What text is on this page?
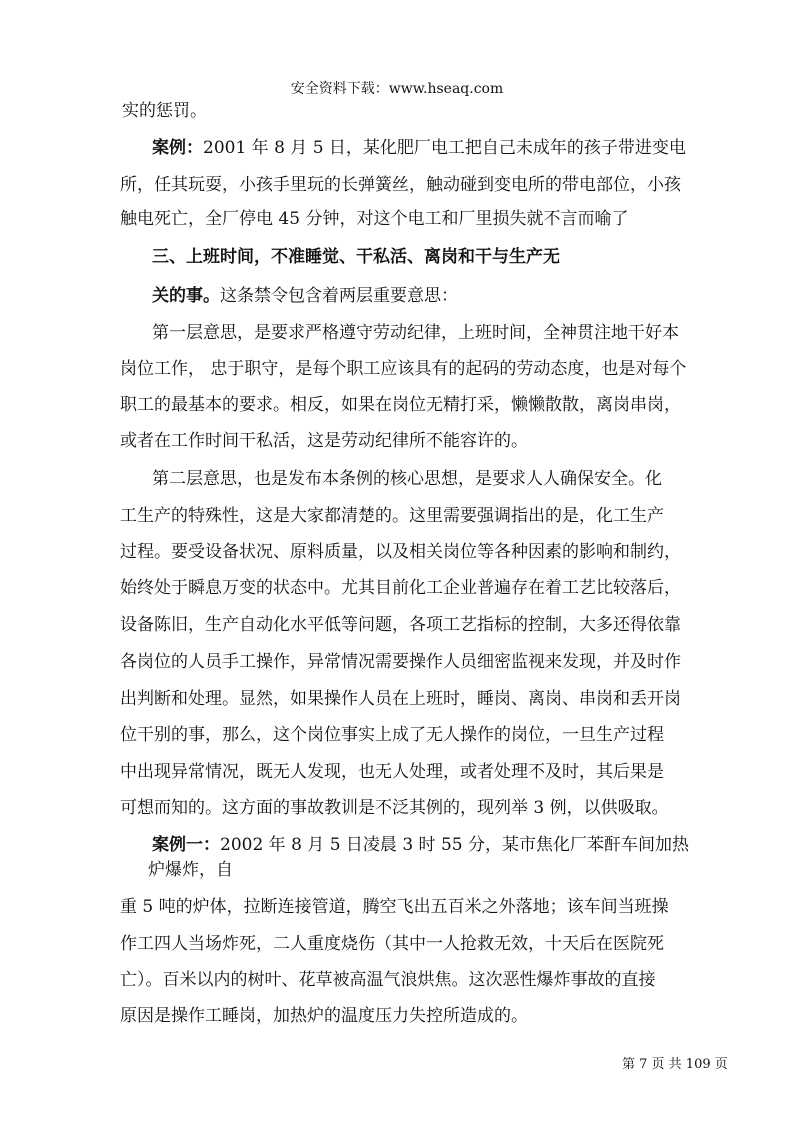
安全资料下载：www.hseaq.com
实的惩罚。
案例：2001 年 8 月 5 日，某化肥厂电工把自己未成年的孩子带进变电
所，任其玩耍，小孩手里玩的长弹簧丝，触动碰到变电所的带电部位，小孩
触电死亡，全厂停电 45 分钟，对这个电工和厂里损失就不言而喻了
三、上班时间，不准睡觉、干私活、离岗和干与生产无
关的事。这条禁令包含着两层重要意思：
第一层意思，是要求严格遵守劳动纪律，上班时间，全神贯注地干好本
岗位工作， 忠于职守，是每个职工应该具有的起码的劳动态度，也是对每个
职工的最基本的要求。相反，如果在岗位无精打采，懒懒散散，离岗串岗，
或者在工作时间干私活，这是劳动纪律所不能容许的。
第二层意思，也是发布本条例的核心思想，是要求人人确保安全。化
工生产的特殊性，这是大家都清楚的。这里需要强调指出的是，化工生产
过程。要受设备状况、原料质量，以及相关岗位等各种因素的影响和制约，
始终处于瞬息万变的状态中。尤其目前化工企业普遍存在着工艺比较落后，
设备陈旧，生产自动化水平低等问题，各项工艺指标的控制，大多还得依靠
各岗位的人员手工操作，异常情况需要操作人员细密监视来发现，并及时作
出判断和处理。显然，如果操作人员在上班时，睡岗、离岗、串岗和丢开岗
位干别的事，那么，这个岗位事实上成了无人操作的岗位，一旦生产过程
中出现异常情况，既无人发现，也无人处理，或者处理不及时，其后果是
可想而知的。这方面的事故教训是不泛其例的，现列举 3 例，以供吸取。
案例一：2002 年 8 月 5 日凌晨 3 时 55 分，某市焦化厂苯酐车间加热
炉爆炸，自
重 5 吨的炉体，拉断连接管道，腾空飞出五百米之外落地；该车间当班操
作工四人当场炸死，二人重度烧伤（其中一人抢救无效，十天后在医院死
亡）。百米以内的树叶、花草被高温气浪烘焦。这次恶性爆炸事故的直接
原因是操作工睡岗，加热炉的温度压力失控所造成的。
第 7 页 共 109 页
